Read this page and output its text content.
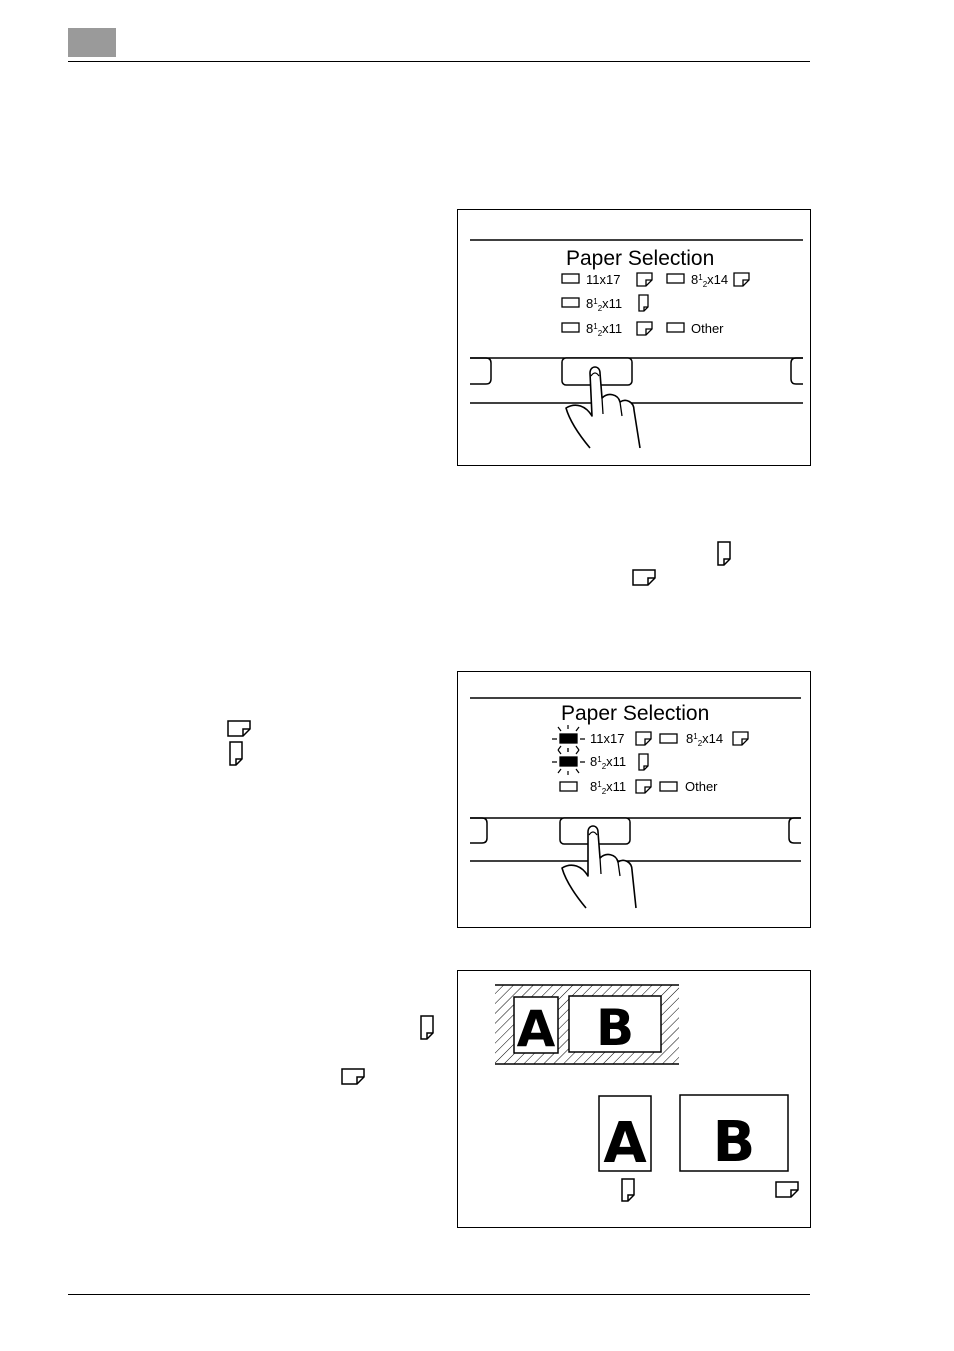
Paper Selection
11x17	$8^1_2x14$
$8^1_2x11$
$8^1_2x11$	Other
Paper Selection
11x17	$8^1_2x14$
$8^1_2x11$
$8^1_2x11$	Other
A B
A B
